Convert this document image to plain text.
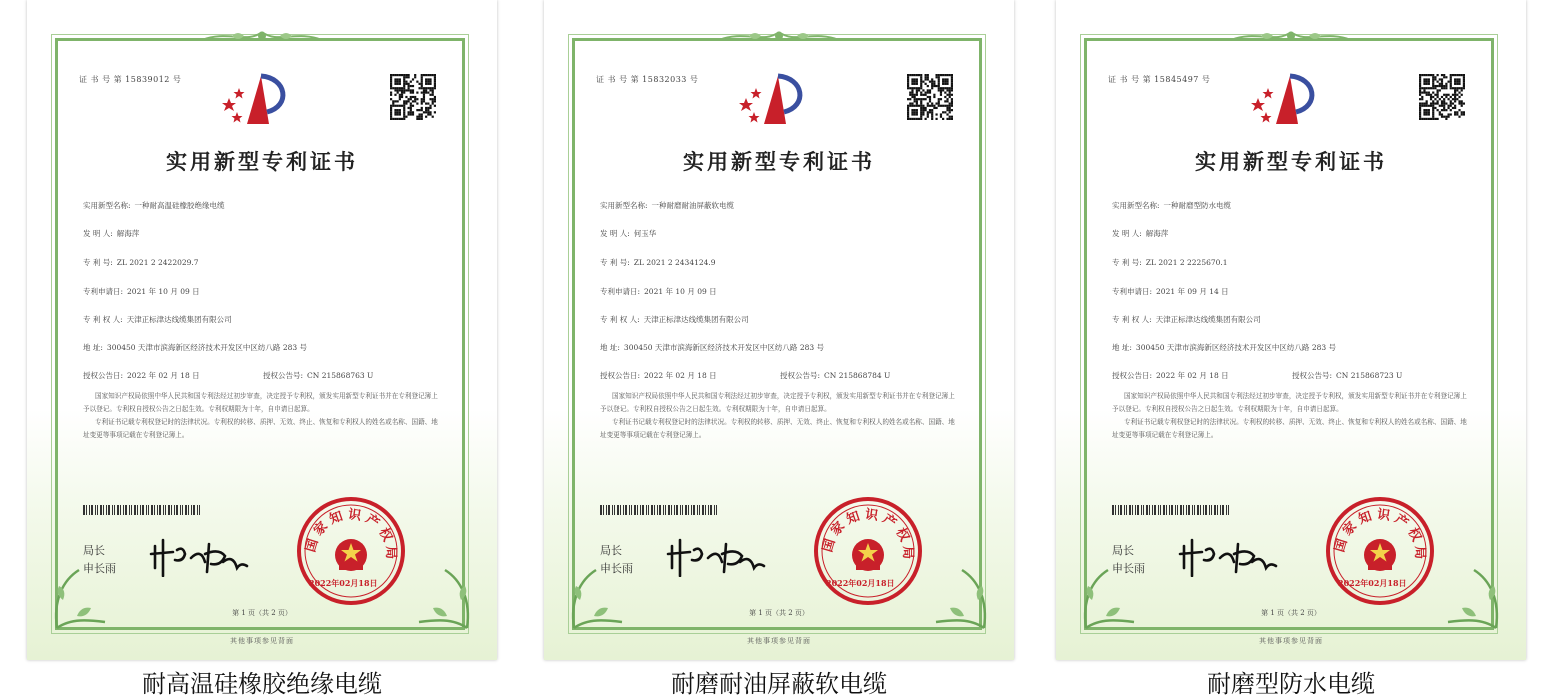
证 书 号 第 15839012 号
实用新型专利证书
实用新型名称: 一种耐高温硅橡胶绝缘电缆
发 明 人: 解海萍
专 利 号: ZL 2021 2 2422029.7
专利申请日: 2021 年 10 月 09 日
专 利 权 人: 天津正标津达线缆集团有限公司
地 址: 300450 天津市滨海新区经济技术开发区中区纺八路 283 号
授权公告日: 2022 年 02 月 18 日	授权公告号: CN 215868763 U

国家知识产权局依照中华人民共和国专利法经过初步审查，决定授予专利权，颁发实用新型专利证书并在专利登记簿上予以登记。专利权自授权公告之日起生效。专利权期限为十年，自申请日起算。

专利证书记载专利权登记时的法律状况。专利权的转移、质押、无效、终止、恢复和专利权人的姓名或名称、国籍、地址变更等事项记载在专利登记簿上。

局长
申长雨
国家知识产权局
2022年02月18日
第 1 页（共 2 页）
其他事项参见背面
耐高温硅橡胶绝缘电缆
证 书 号 第 15832033 号
实用新型专利证书
实用新型名称: 一种耐磨耐油屏蔽软电缆
发 明 人: 何玉华
专 利 号: ZL 2021 2 2434124.9
专利申请日: 2021 年 10 月 09 日
专 利 权 人: 天津正标津达线缆集团有限公司
地 址: 300450 天津市滨海新区经济技术开发区中区纺八路 283 号
授权公告日: 2022 年 02 月 18 日	授权公告号: CN 215868784 U

国家知识产权局依照中华人民共和国专利法经过初步审查，决定授予专利权，颁发实用新型专利证书并在专利登记簿上予以登记。专利权自授权公告之日起生效。专利权期限为十年，自申请日起算。

专利证书记载专利权登记时的法律状况。专利权的转移、质押、无效、终止、恢复和专利权人的姓名或名称、国籍、地址变更等事项记载在专利登记簿上。

局长
申长雨
国家知识产权局
2022年02月18日
第 1 页（共 2 页）
其他事项参见背面
耐磨耐油屏蔽软电缆
证 书 号 第 15845497 号
实用新型专利证书
实用新型名称: 一种耐磨型防水电缆
发 明 人: 解海萍
专 利 号: ZL 2021 2 2225670.1
专利申请日: 2021 年 09 月 14 日
专 利 权 人: 天津正标津达线缆集团有限公司
地 址: 300450 天津市滨海新区经济技术开发区中区纺八路 283 号
授权公告日: 2022 年 02 月 18 日	授权公告号: CN 215868723 U

国家知识产权局依照中华人民共和国专利法经过初步审查，决定授予专利权，颁发实用新型专利证书并在专利登记簿上予以登记。专利权自授权公告之日起生效。专利权期限为十年，自申请日起算。

专利证书记载专利权登记时的法律状况。专利权的转移、质押、无效、终止、恢复和专利权人的姓名或名称、国籍、地址变更等事项记载在专利登记簿上。

局长
申长雨
国家知识产权局
2022年02月18日
第 1 页（共 2 页）
其他事项参见背面
耐磨型防水电缆
